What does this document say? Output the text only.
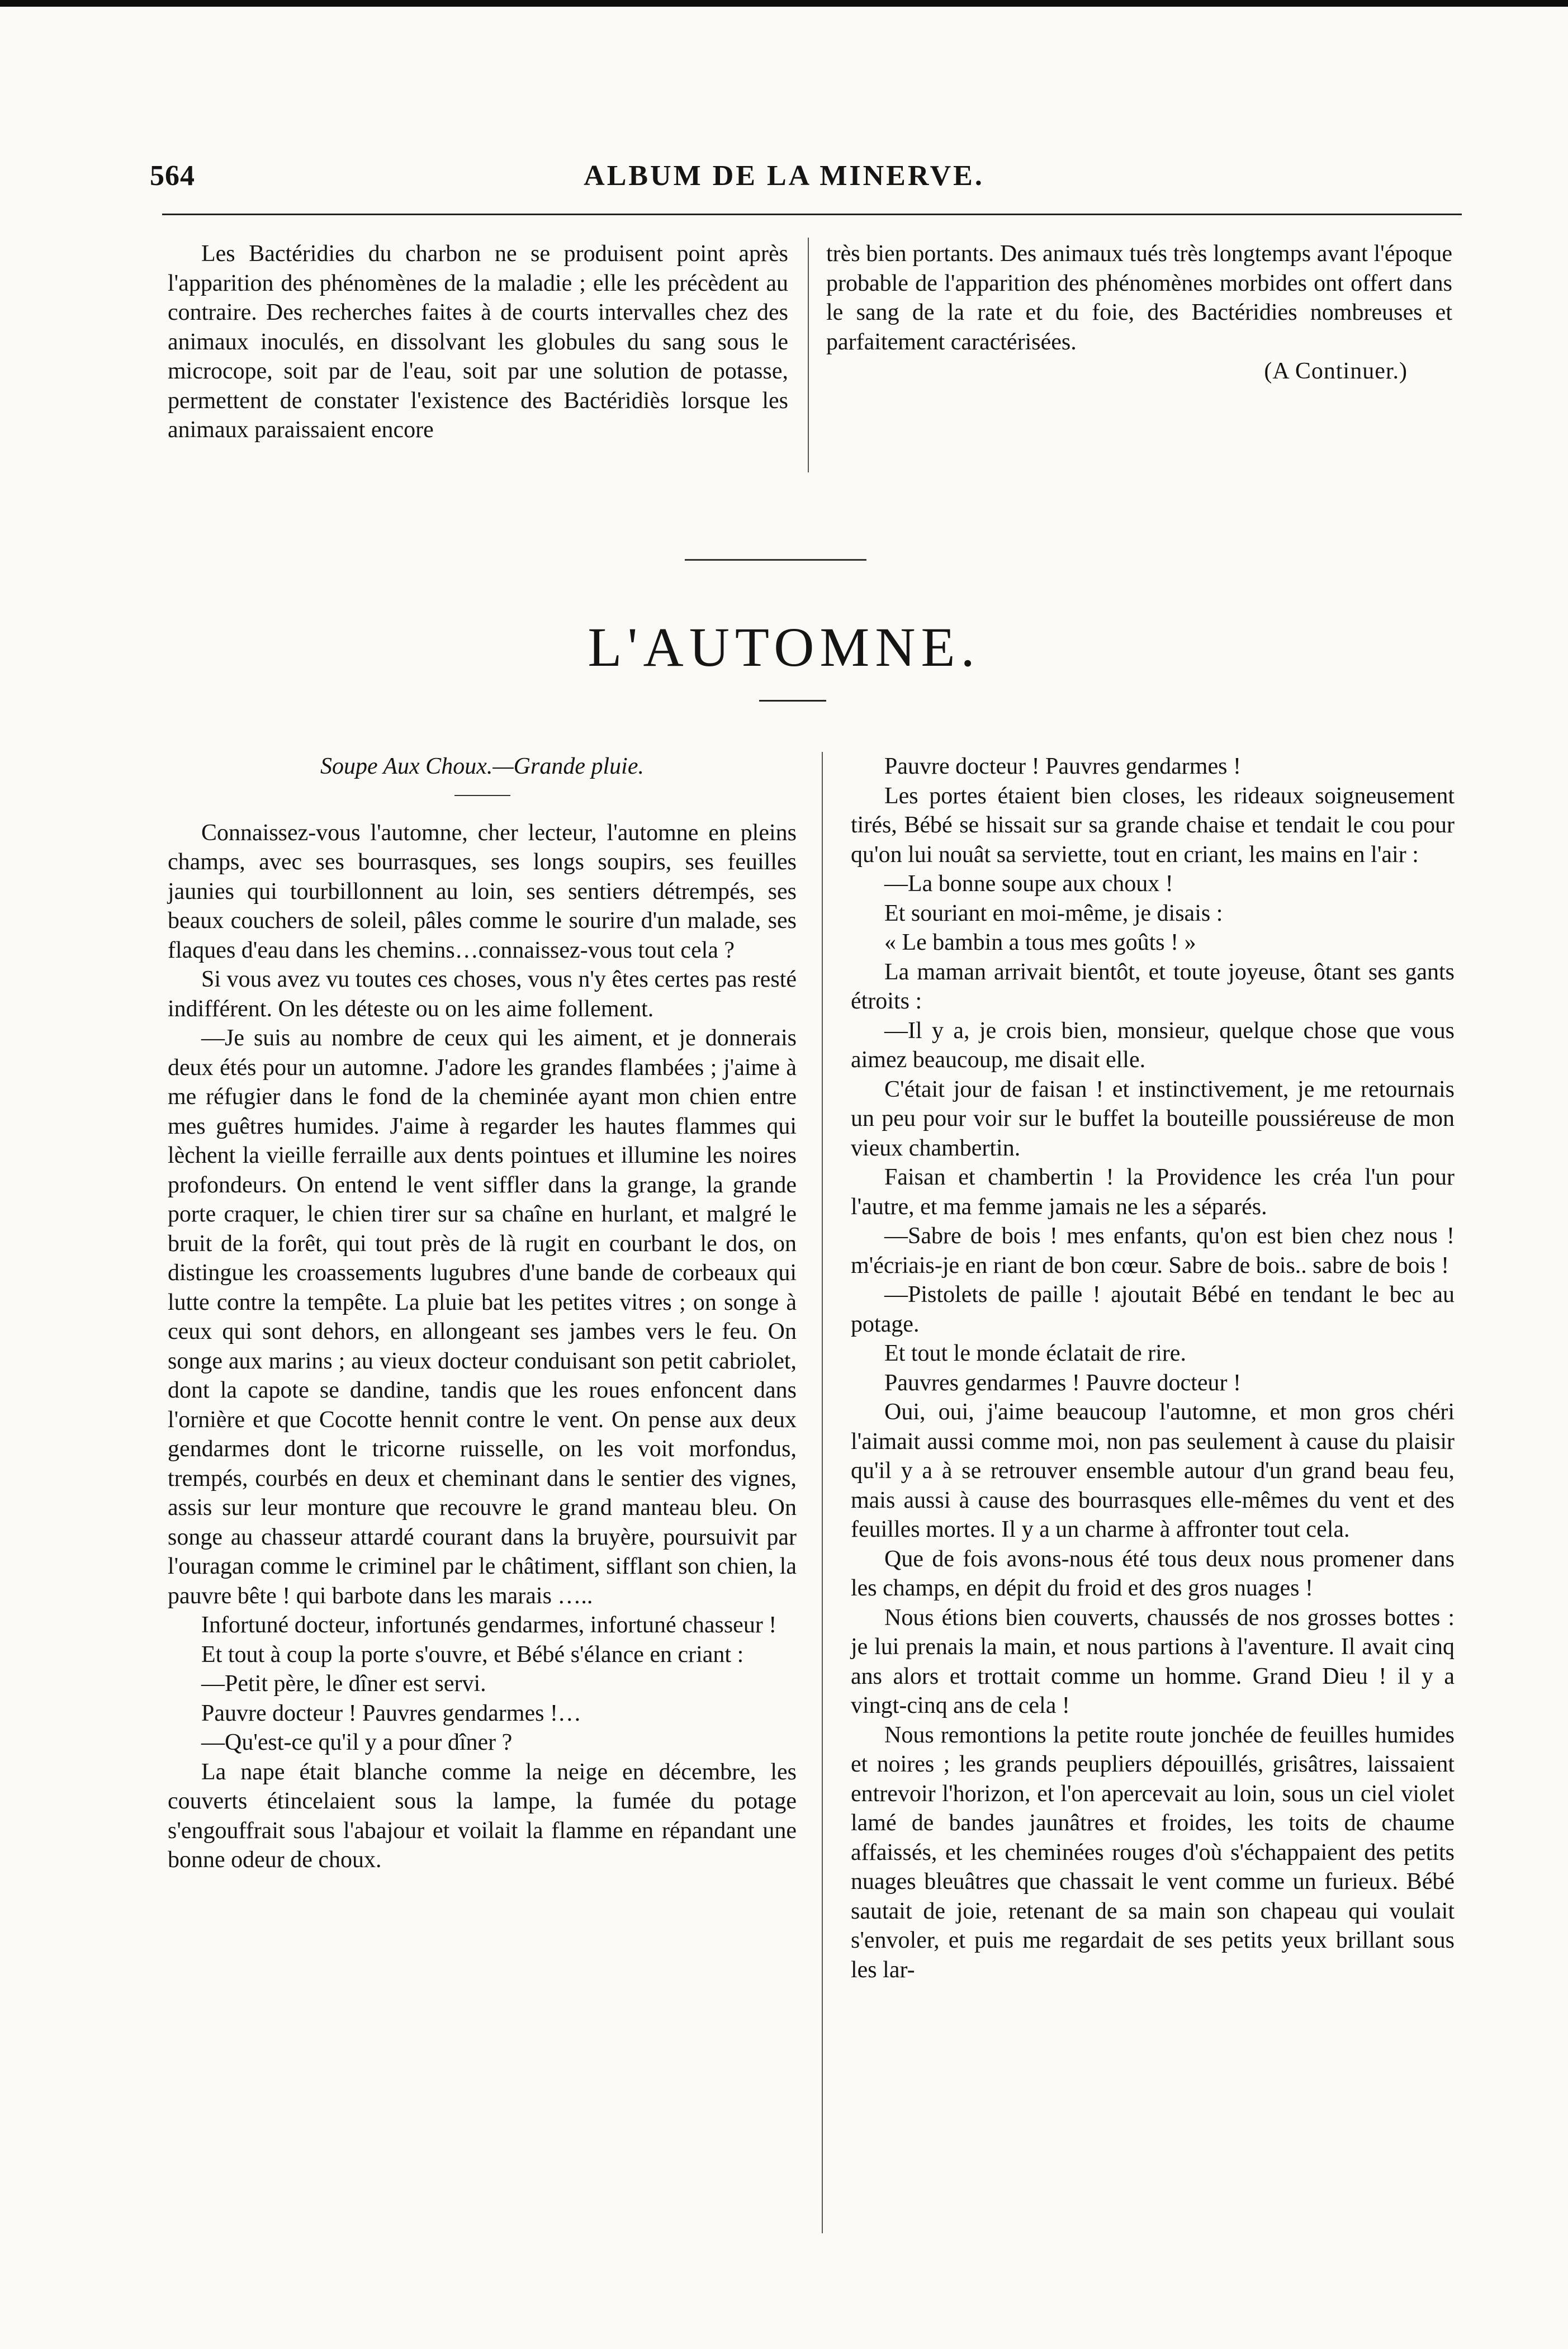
564	ALBUM DE LA MINERVE.

Les Bactéridies du charbon ne se produisent point après l'apparition des phénomènes de la maladie ; elle les précèdent au contraire. Des recherches faites à de courts intervalles chez des animaux inoculés, en dissolvant les globules du sang sous le microcope, soit par de l'eau, soit par une solution de potasse, permettent de constater l'existence des Bactéridiès lorsque les animaux paraissaient encore

très bien portants. Des animaux tués très longtemps avant l'époque probable de l'apparition des phénomènes morbides ont offert dans le sang de la rate et du foie, des Bactéridies nombreuses et parfaitement caractérisées.

(A Continuer.)

L'AUTOMNE.

Soupe Aux Choux.—Grande pluie.

Connaissez-vous l'automne, cher lecteur, l'automne en pleins champs, avec ses bourrasques, ses longs soupirs, ses feuilles jaunies qui tourbillonnent au loin, ses sentiers détrempés, ses beaux couchers de soleil, pâles comme le sourire d'un malade, ses flaques d'eau dans les chemins…connaissez-vous tout cela ?

Si vous avez vu toutes ces choses, vous n'y êtes certes pas resté indifférent. On les déteste ou on les aime follement.

—Je suis au nombre de ceux qui les aiment, et je donnerais deux étés pour un automne. J'adore les grandes flambées ; j'aime à me réfugier dans le fond de la cheminée ayant mon chien entre mes guêtres humides. J'aime à regarder les hautes flammes qui lèchent la vieille ferraille aux dents pointues et illumine les noires profondeurs. On entend le vent siffler dans la grange, la grande porte craquer, le chien tirer sur sa chaîne en hurlant, et malgré le bruit de la forêt, qui tout près de là rugit en courbant le dos, on distingue les croassements lugubres d'une bande de corbeaux qui lutte contre la tempête. La pluie bat les petites vitres ; on songe à ceux qui sont dehors, en allongeant ses jambes vers le feu. On songe aux marins ; au vieux docteur conduisant son petit cabriolet, dont la capote se dandine, tandis que les roues enfoncent dans l'ornière et que Cocotte hennit contre le vent. On pense aux deux gendarmes dont le tricorne ruisselle, on les voit morfondus, trempés, courbés en deux et cheminant dans le sentier des vignes, assis sur leur monture que recouvre le grand manteau bleu. On songe au chasseur attardé courant dans la bruyère, poursuivit par l'ouragan comme le criminel par le châtiment, sifflant son chien, la pauvre bête ! qui barbote dans les marais …..

Infortuné docteur, infortunés gendarmes, infortuné chasseur !

Et tout à coup la porte s'ouvre, et Bébé s'élance en criant :

—Petit père, le dîner est servi.

Pauvre docteur ! Pauvres gendarmes !…

—Qu'est-ce qu'il y a pour dîner ?

La nape était blanche comme la neige en décembre, les couverts étincelaient sous la lampe, la fumée du potage s'engouffrait sous l'abajour et voilait la flamme en répandant une bonne odeur de choux.

Pauvre docteur ! Pauvres gendarmes !

Les portes étaient bien closes, les rideaux soigneusement tirés, Bébé se hissait sur sa grande chaise et tendait le cou pour qu'on lui nouât sa serviette, tout en criant, les mains en l'air :

—La bonne soupe aux choux !

Et souriant en moi-même, je disais :

« Le bambin a tous mes goûts ! »

La maman arrivait bientôt, et toute joyeuse, ôtant ses gants étroits :

—Il y a, je crois bien, monsieur, quelque chose que vous aimez beaucoup, me disait elle.

C'était jour de faisan ! et instinctivement, je me retournais un peu pour voir sur le buffet la bouteille poussiéreuse de mon vieux chambertin.

Faisan et chambertin ! la Providence les créa l'un pour l'autre, et ma femme jamais ne les a séparés.

—Sabre de bois ! mes enfants, qu'on est bien chez nous ! m'écriais-je en riant de bon cœur. Sabre de bois.. sabre de bois !

—Pistolets de paille ! ajoutait Bébé en tendant le bec au potage.

Et tout le monde éclatait de rire.

Pauvres gendarmes ! Pauvre docteur !

Oui, oui, j'aime beaucoup l'automne, et mon gros chéri l'aimait aussi comme moi, non pas seulement à cause du plaisir qu'il y a à se retrouver ensemble autour d'un grand beau feu, mais aussi à cause des bourrasques elle-mêmes du vent et des feuilles mortes. Il y a un charme à affronter tout cela.

Que de fois avons-nous été tous deux nous promener dans les champs, en dépit du froid et des gros nuages !

Nous étions bien couverts, chaussés de nos grosses bottes : je lui prenais la main, et nous partions à l'aventure. Il avait cinq ans alors et trottait comme un homme. Grand Dieu ! il y a vingt-cinq ans de cela !

Nous remontions la petite route jonchée de feuilles humides et noires ; les grands peupliers dépouillés, grisâtres, laissaient entrevoir l'horizon, et l'on apercevait au loin, sous un ciel violet lamé de bandes jaunâtres et froides, les toits de chaume affaissés, et les cheminées rouges d'où s'échappaient des petits nuages bleuâtres que chassait le vent comme un furieux. Bébé sautait de joie, retenant de sa main son chapeau qui voulait s'envoler, et puis me regardait de ses petits yeux brillant sous les lar-
